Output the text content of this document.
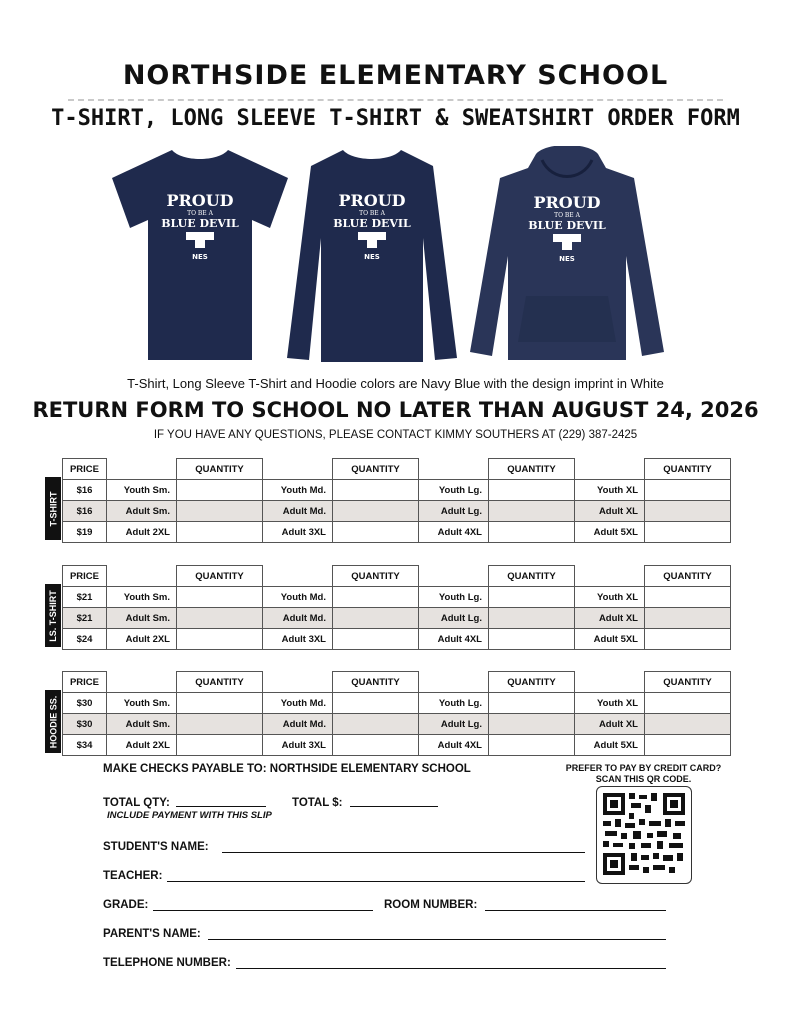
NORTHSIDE ELEMENTARY SCHOOL
T-SHIRT, LONG SLEEVE T-SHIRT & SWEATSHIRT ORDER FORM
PROUD
TO BE A
BLUE DEVIL
NES
PROUD
TO BE A
BLUE DEVIL
NES
PROUD
TO BE A
BLUE DEVIL
NES
T-Shirt, Long Sleeve T-Shirt and Hoodie colors are Navy Blue with the design imprint in White
RETURN FORM TO SCHOOL NO LATER THAN AUGUST 24, 2026
IF YOU HAVE ANY QUESTIONS, PLEASE CONTACT KIMMY SOUTHERS AT (229) 387-2425
T-SHIRT
PRICE		QUANTITY		QUANTITY		QUANTITY		QUANTITY
$16	Youth Sm.		Youth Md.		Youth Lg.		Youth XL	
$16	Adult Sm.		Adult Md.		Adult Lg.		Adult XL	
$19	Adult 2XL		Adult 3XL		Adult 4XL		Adult 5XL	
LS. T-SHIRT
PRICE		QUANTITY		QUANTITY		QUANTITY		QUANTITY
$21	Youth Sm.		Youth Md.		Youth Lg.		Youth XL	
$21	Adult Sm.		Adult Md.		Adult Lg.		Adult XL	
$24	Adult 2XL		Adult 3XL		Adult 4XL		Adult 5XL	
HOODIE SS.
PRICE		QUANTITY		QUANTITY		QUANTITY		QUANTITY
$30	Youth Sm.		Youth Md.		Youth Lg.		Youth XL	
$30	Adult Sm.		Adult Md.		Adult Lg.		Adult XL	
$34	Adult 2XL		Adult 3XL		Adult 4XL		Adult 5XL	
MAKE CHECKS PAYABLE TO: NORTHSIDE ELEMENTARY SCHOOL	PREFER TO PAY BY CREDIT CARD?
SCAN THIS QR CODE.
TOTAL QTY:	TOTAL $:
INCLUDE PAYMENT WITH THIS SLIP
STUDENT'S NAME:
TEACHER:
GRADE:	ROOM NUMBER:
PARENT'S NAME:
TELEPHONE NUMBER:
